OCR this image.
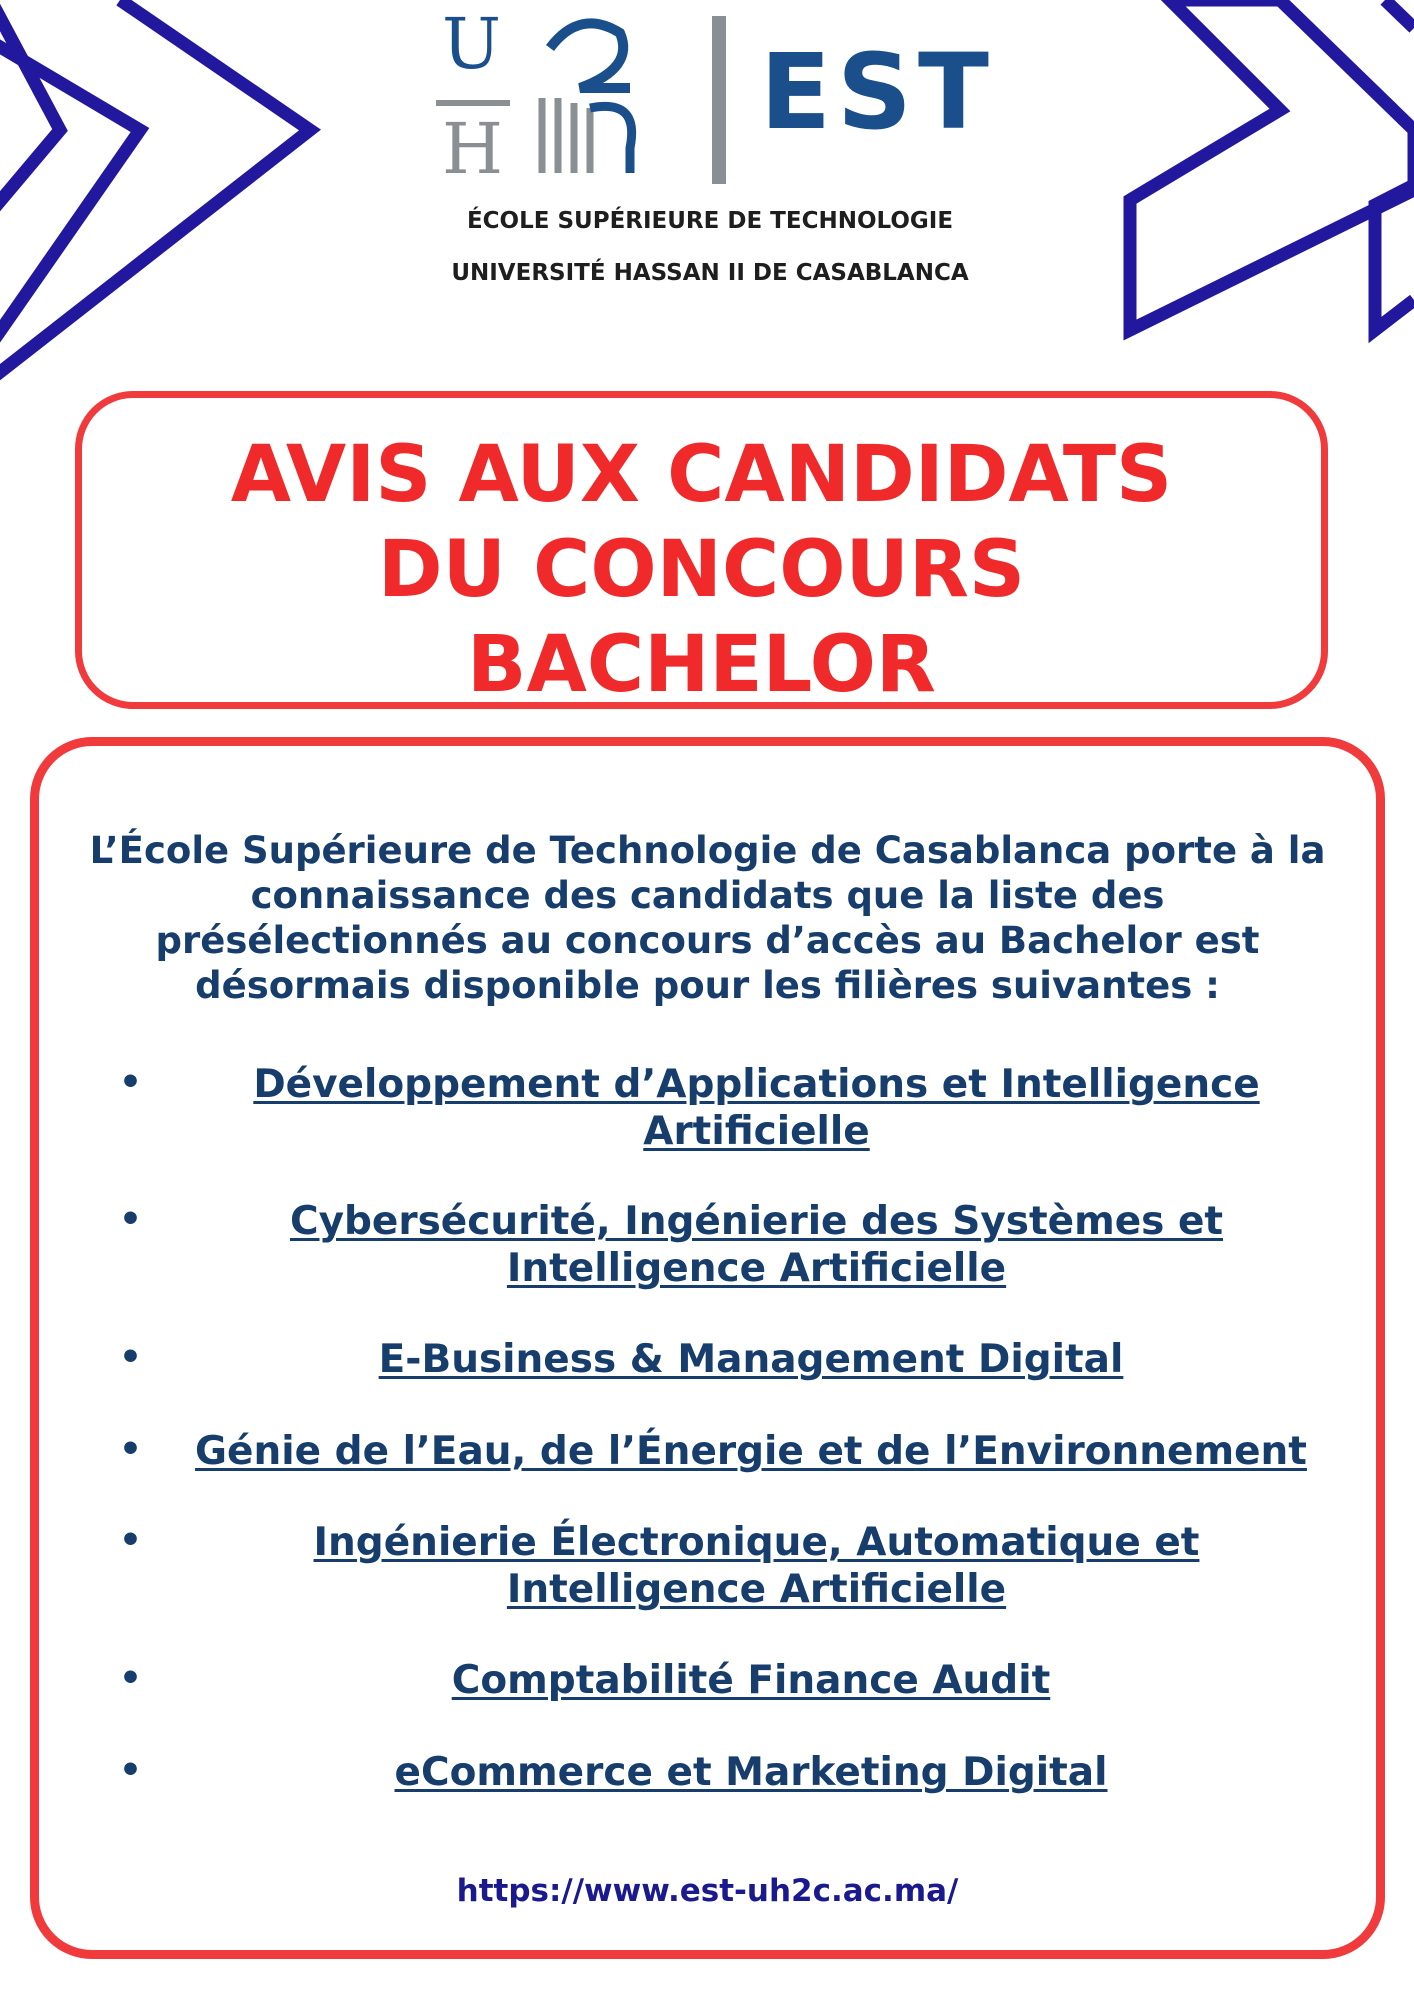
U
H EST
ÉCOLE SUPÉRIEURE DE TECHNOLOGIE
UNIVERSITÉ HASSAN II DE CASABLANCA
AVIS AUX CANDIDATS
DU CONCOURS
BACHELOR

L’École Supérieure de Technologie de Casablanca porte à la connaissance des candidats que la liste des présélectionnés au concours d’accès au Bachelor est désormais disponible pour les filières suivantes :

•	Développement d’Applications et Intelligence Artificielle
•	Cybersécurité, Ingénierie des Systèmes et Intelligence Artificielle
•	E-Business & Management Digital
•	Génie de l’Eau, de l’Énergie et de l’Environnement
•	Ingénierie Électronique, Automatique et Intelligence Artificielle
•	Comptabilité Finance Audit
•	eCommerce et Marketing Digital
https://www.est-uh2c.ac.ma/
